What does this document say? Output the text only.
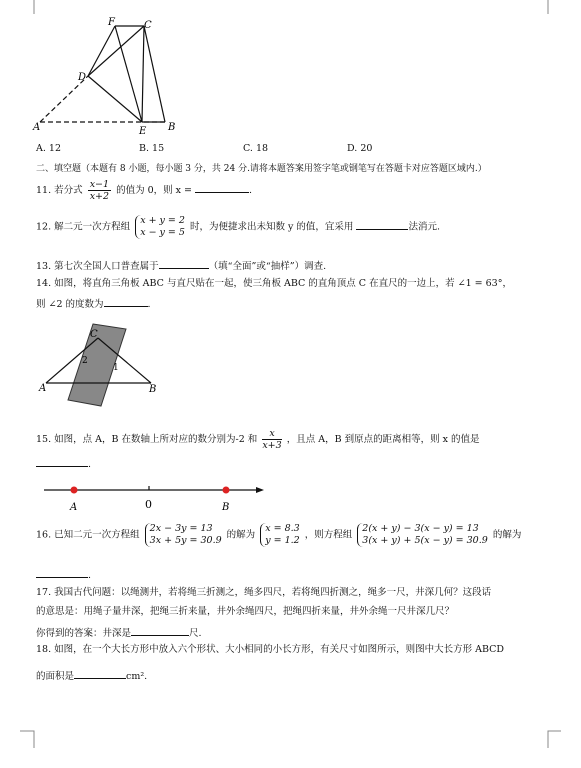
F	C
D
A	E B
A. 12	B. 15	C. 18	D. 20
二、填空题（本题有 8 小题，每小题 3 分，共 24 分.请将本题答案用签字笔或钢笔写在答题卡对应答题区域内.）
11. 若分式 $\frac{x-1}{x+2}$ 的值为 0，则 x =	.
12. 解二元一次方程组
x + y = 2
x − y = 5 时，为便捷求出未知数 y 的值，宜采用	法消元.
13. 第七次全国人口普查属于	（填“全面”或“抽样”）调查.
14. 如图，将直角三角板 ABC 与直尺贴在一起，使三角板 ABC 的直角顶点 C 在直尺的一边上，若 ∠1 = 63°，
则 ∠2 的度数为	.
C
A	B
1
2
15. 如图，点 A，B 在数轴上所对应的数分别为-2 和 $\frac{x}{x+3}$ ，且点 A，B 到原点的距离相等，则 x 的值是
.
A	0	B
16. 已知二元一次方程组
2x − 3y = 13
3x + 5y = 30.9 的解为
x = 8.3
y = 1.2 ，则方程组
2(x + y) − 3(x − y) = 13
3(x + y) + 5(x − y) = 30.9 的解为
.
17. 我国古代问题：以绳测井，若将绳三折测之，绳多四尺，若将绳四折测之，绳多一尺，井深几何？这段话
的意思是：用绳子量井深，把绳三折来量，井外余绳四尺，把绳四折来量，井外余绳一尺井深几尺？
你得到的答案：井深是	尺.
18. 如图，在一个大长方形中放入六个形状、大小相同的小长方形，有关尺寸如图所示，则图中大长方形 ABCD
的面积是	cm².
